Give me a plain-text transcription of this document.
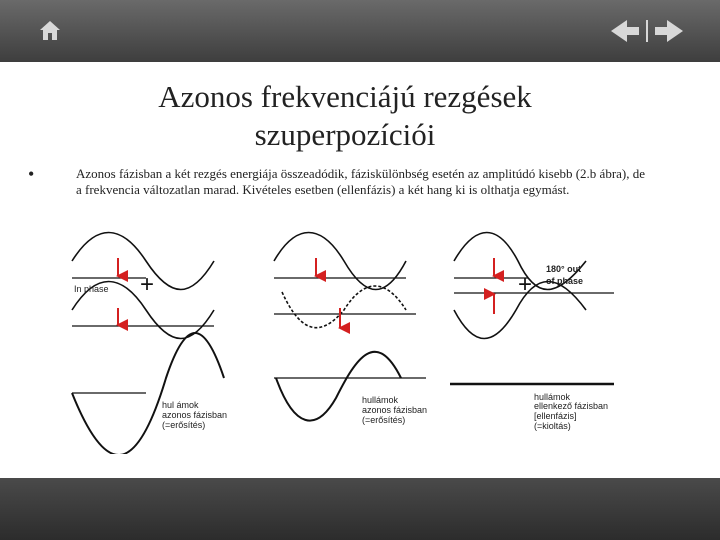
Azonos frekvenciájú rezgések
szuperpozíciói
•	Azonos fázisban a két rezgés energiája összeadódik, fáziskülönbség esetén az amplitúdó kisebb (2.b ábra), de a frekvencia változatlan marad. Kivételes esetben (ellenfázis) a két hang ki is olthatja egymást.
In phase +
hul ámok
azonos fázisban
(=erősítés)
hullámok
azonos fázisban
(=erősítés)
+
180° out
of phase
hullámok
ellenkező fázisban
[ellenfázis]
(=kioltás)
